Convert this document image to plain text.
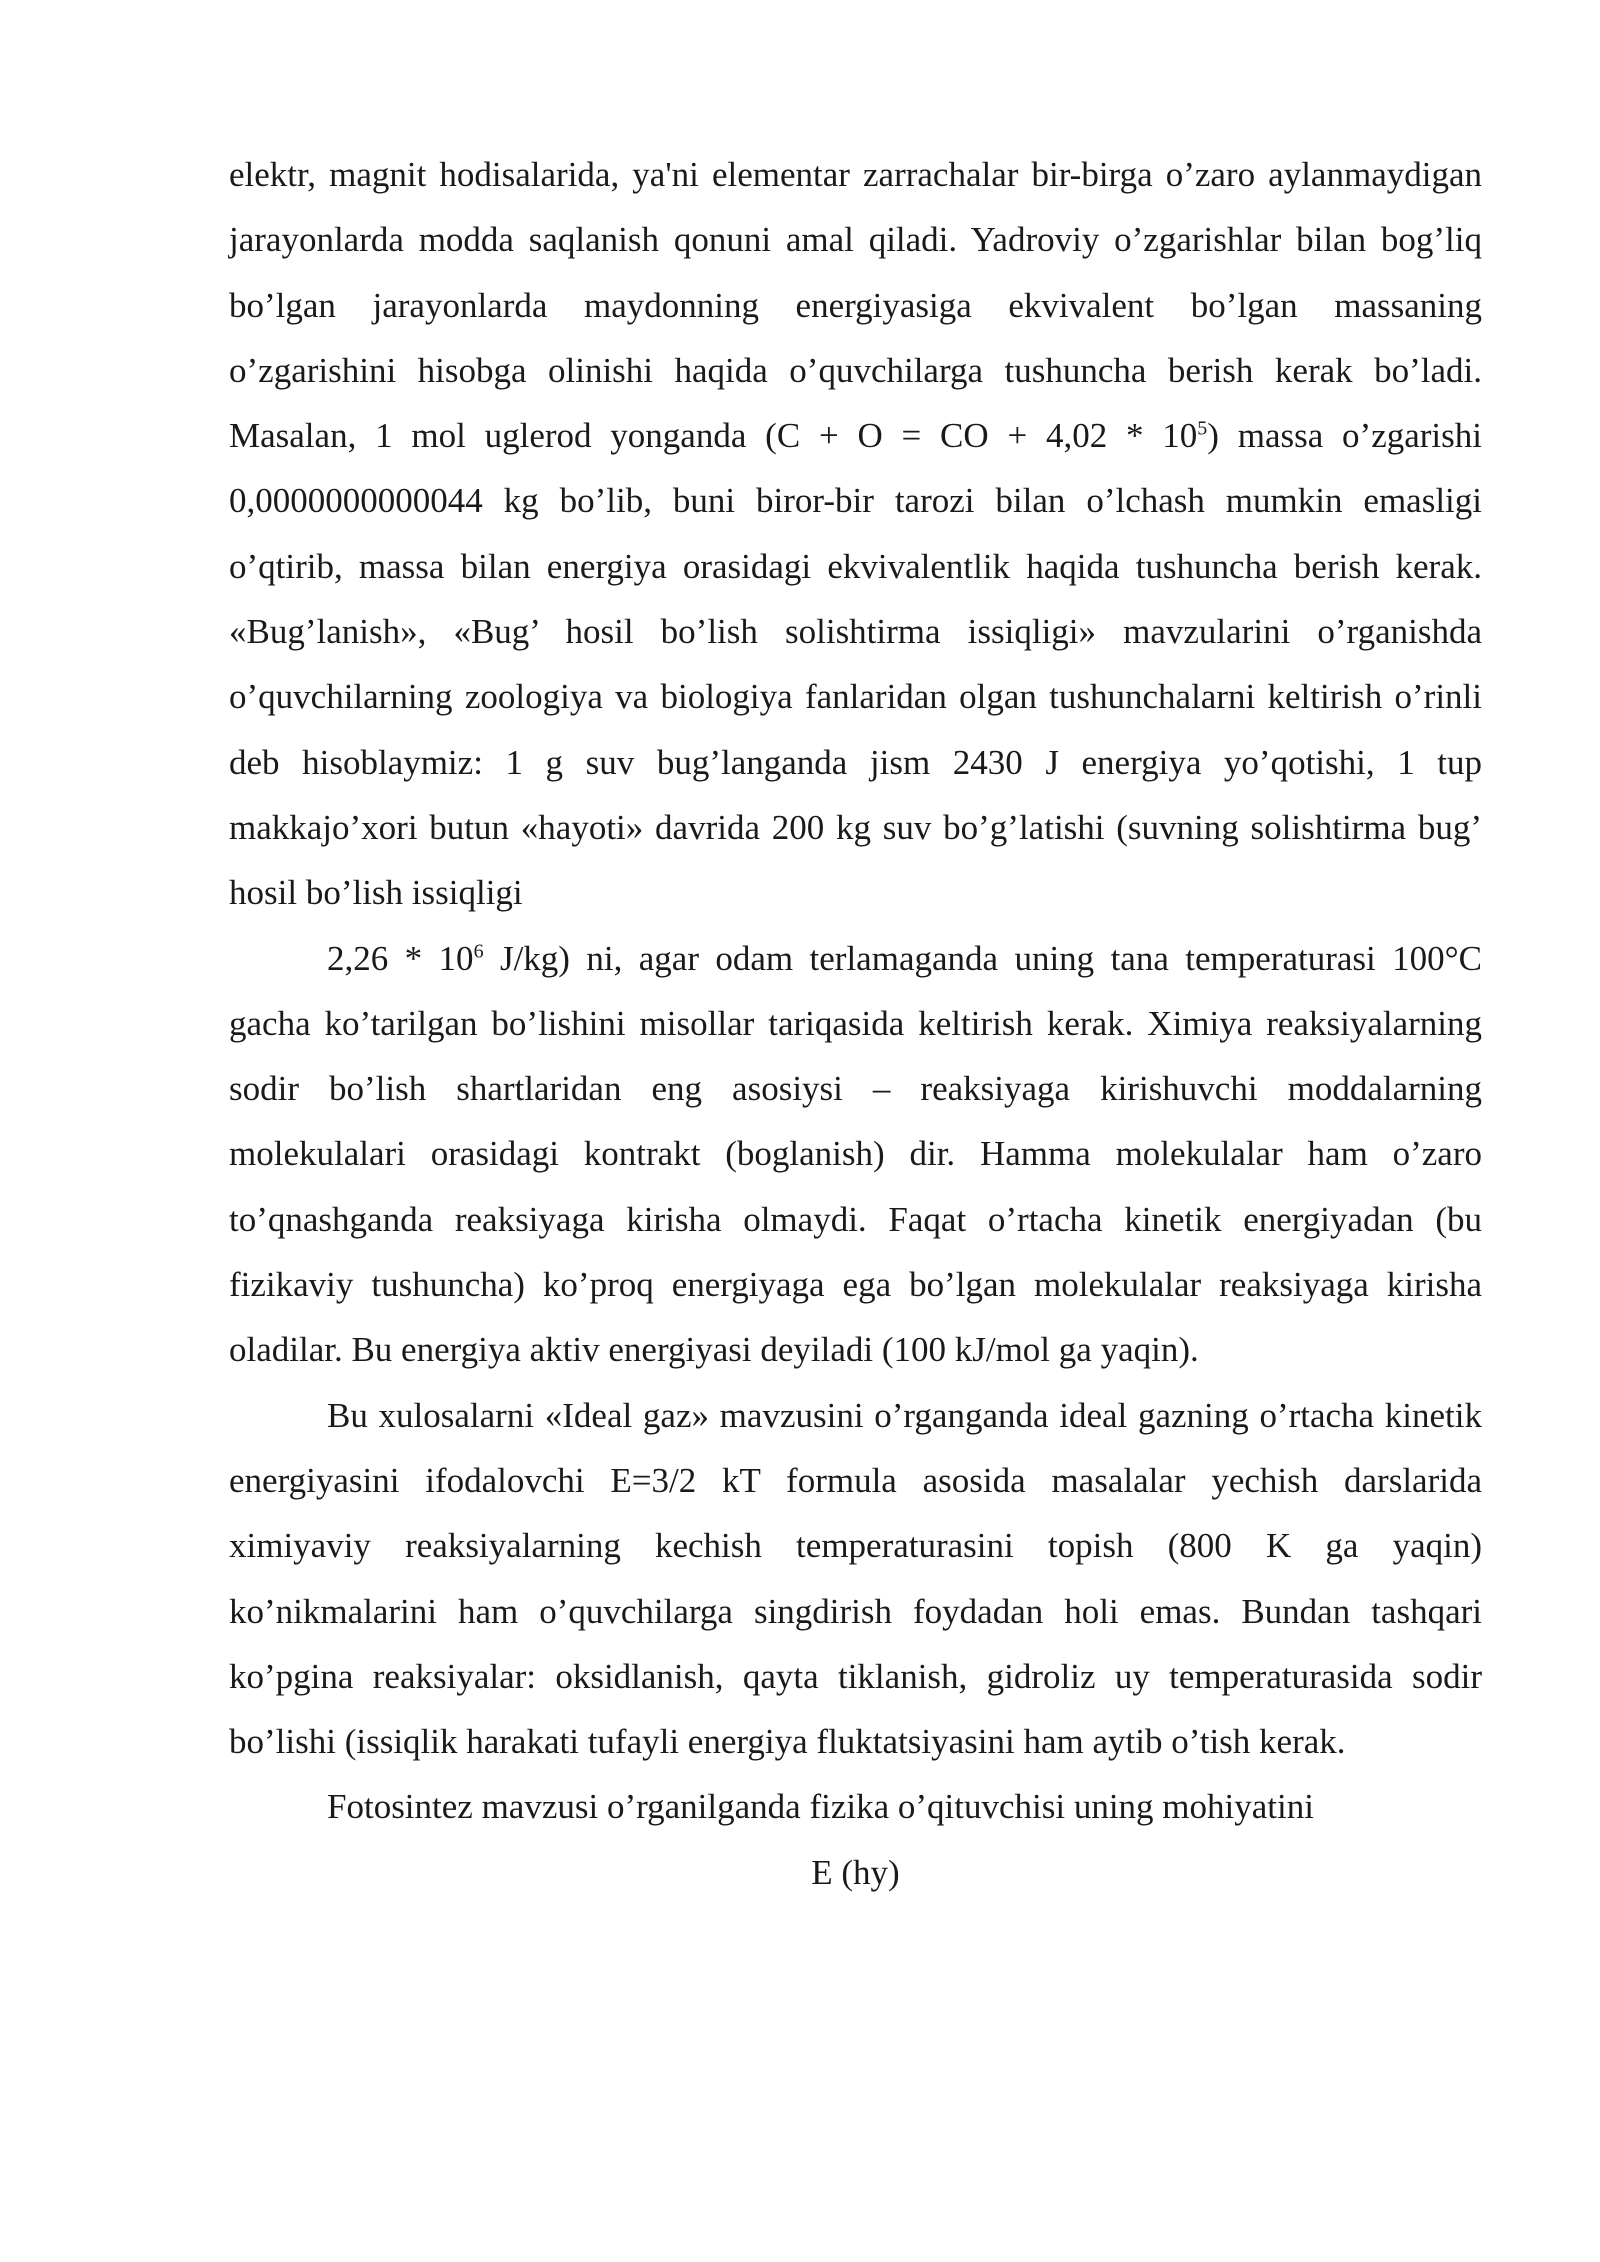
elektr, magnit hodisalarida, ya'ni elementar zarrachalar bir-birga o’zaro aylanmaydigan jarayonlarda modda saqlanish qonuni amal qiladi. Yadroviy o’zgarishlar bilan bog’liq bo’lgan jarayonlarda maydonning energiyasiga ekvivalent bo’lgan massaning o’zgarishini hisobga olinishi haqida o’quvchilarga tushuncha berish kerak bo’ladi. Masalan, 1 mol uglerod yonganda (C + O = CO + $4,02 * 10^5$) massa o’zgarishi 0,0000000000044 kg bo’lib, buni biror-bir tarozi bilan o’lchash mumkin emasligi o’qtirib, massa bilan energiya orasidagi ekvivalentlik haqida tushuncha berish kerak. «Bug’lanish», «Bug’ hosil bo’lish solishtirma issiqligi» mavzularini o’rganishda o’quvchilarning zoologiya va biologiya fanlaridan olgan tushunchalarni keltirish o’rinli deb hisoblaymiz: 1 g suv bug’langanda jism 2430 J energiya yo’qotishi, 1 tup makkajo’xori butun «hayoti» davrida 200 kg suv bo’g’latishi (suvning solishtirma bug’ hosil bo’lish issiqligi

$2,26 * 10^6$ J/kg) ni, agar odam terlamaganda uning tana temperaturasi 100°C gacha ko’tarilgan bo’lishini misollar tariqasida keltirish kerak. Ximiya reaksiyalarning sodir bo’lish shartlaridan eng asosiysi – reaksiyaga kirishuvchi moddalarning molekulalari orasidagi kontrakt (boglanish) dir. Hamma molekulalar ham o’zaro to’qnashganda reaksiyaga kirisha olmaydi. Faqat o’rtacha kinetik energiyadan (bu fizikaviy tushuncha) ko’proq energiyaga ega bo’lgan molekulalar reaksiyaga kirisha oladilar. Bu energiya aktiv energiyasi deyiladi (100 kJ/mol ga yaqin).

Bu xulosalarni «Ideal gaz» mavzusini o’rganganda ideal gazning o’rtacha kinetik energiyasini ifodalovchi E=3/2 kT formula asosida masalalar yechish darslarida ximiyaviy reaksiyalarning kechish temperaturasini topish (800 K ga yaqin) ko’nikmalarini ham o’quvchilarga singdirish foydadan holi emas. Bundan tashqari ko’pgina reaksiyalar: oksidlanish, qayta tiklanish, gidroliz uy temperaturasida sodir bo’lishi (issiqlik harakati tufayli energiya fluktatsiyasini ham aytib o’tish kerak.

Fotosintez mavzusi o’rganilganda fizika o’qituvchisi uning mohiyatini

E (hy)
